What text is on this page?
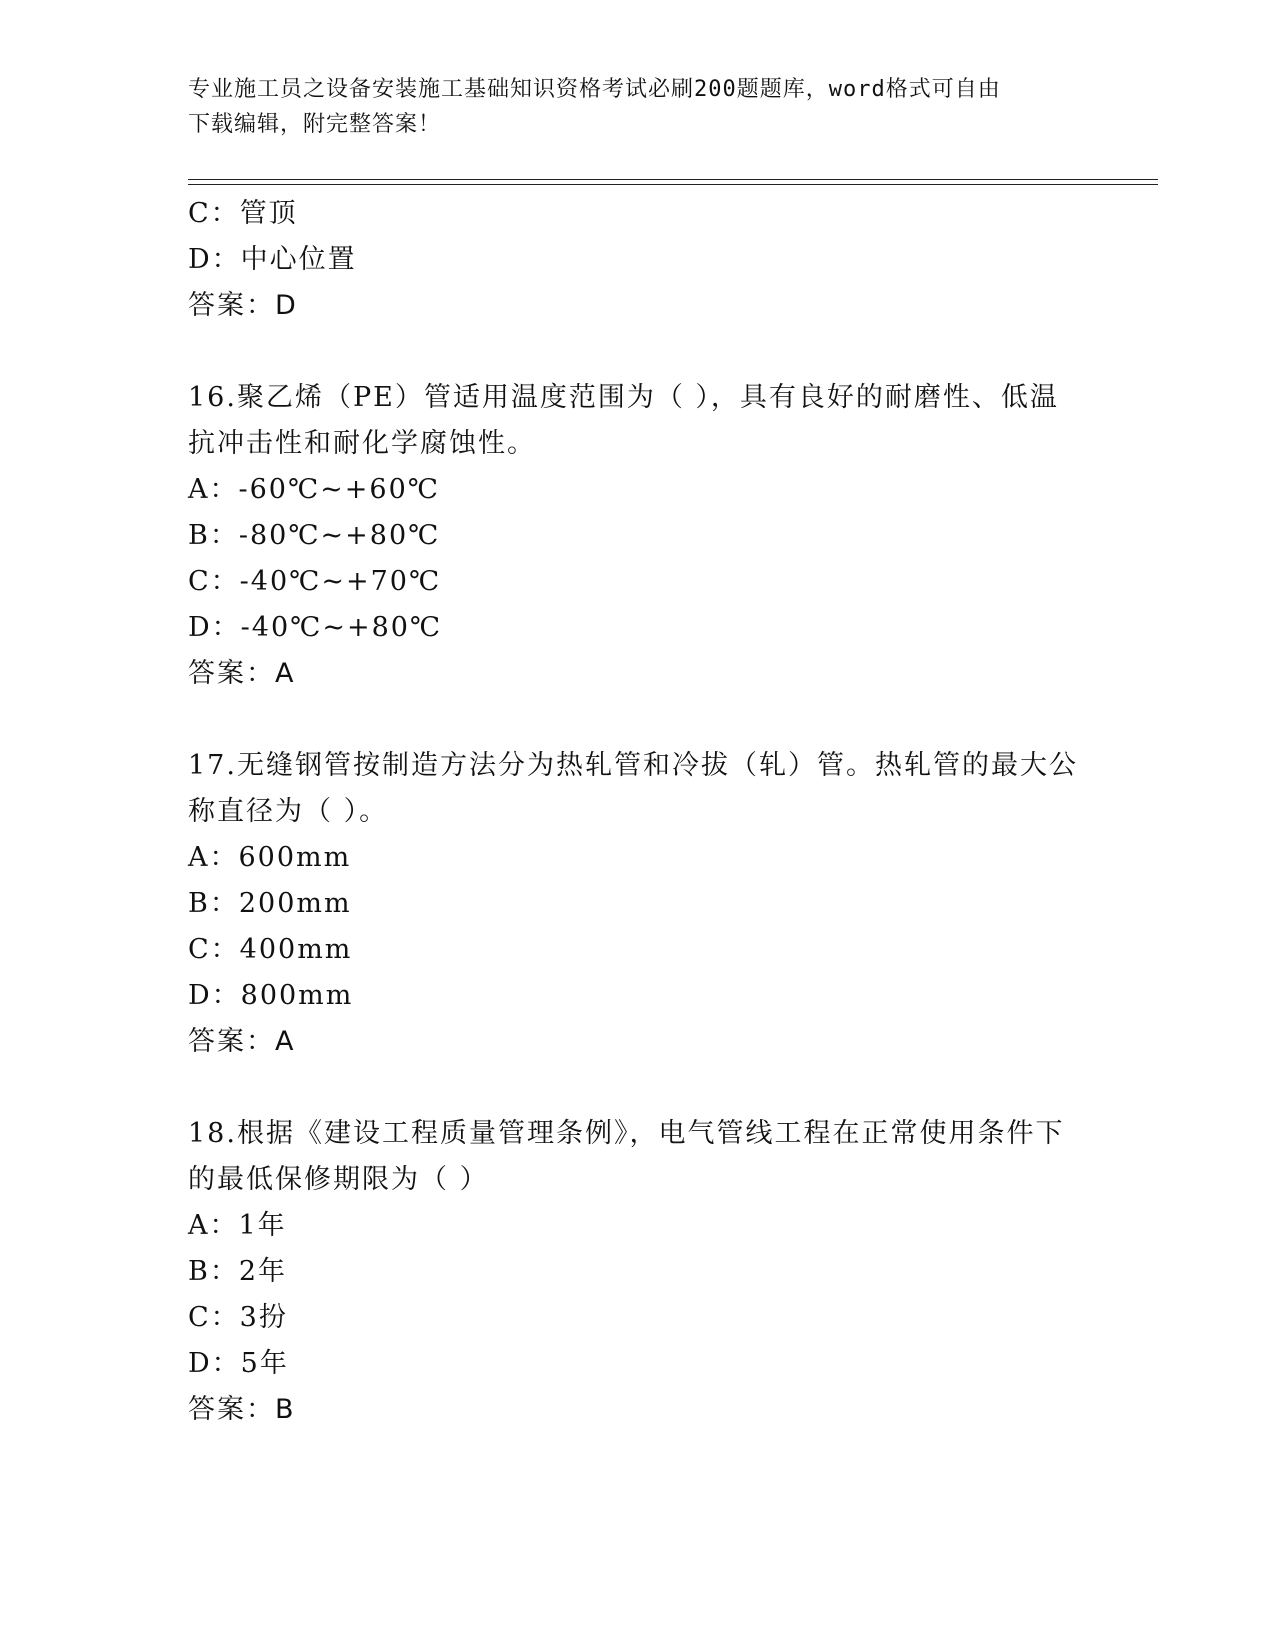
专业施工员之设备安装施工基础知识资格考试必刷200题题库，word格式可自由
下载编辑，附完整答案！
C：管顶
D：中心位置
答案：D
16.聚乙烯（PE）管适用温度范围为（ ），具有良好的耐磨性、低温
抗冲击性和耐化学腐蚀性。
A：-60℃~+60℃
B：-80℃~+80℃
C：-40℃~+70℃
D：-40℃~+80℃
答案：A
17.无缝钢管按制造方法分为热轧管和冷拔（轧）管。热轧管的最大公
称直径为（ ）。
A：600mm
B：200mm
C：400mm
D：800mm
答案：A
18.根据《建设工程质量管理条例》，电气管线工程在正常使用条件下
的最低保修期限为（ ）
A：1年
B：2年
C：3扮
D：5年
答案：B
